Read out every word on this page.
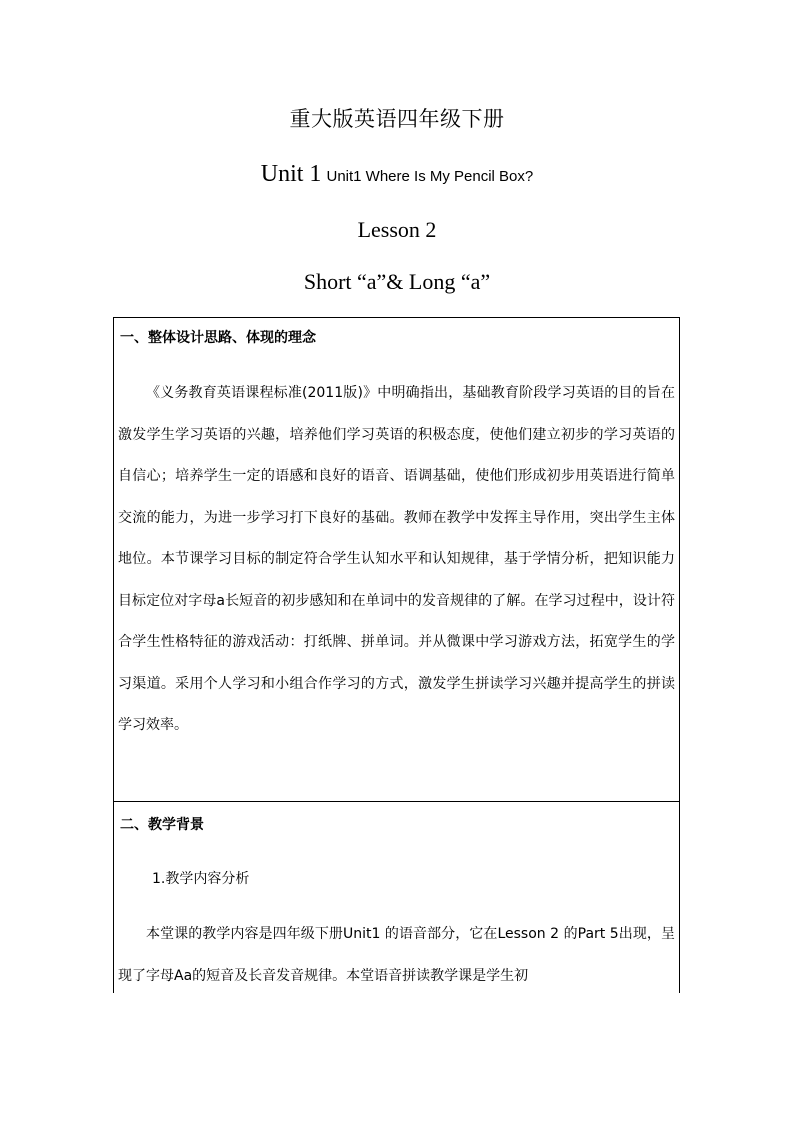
重大版英语四年级下册
Unit 1 Unit1 Where Is My Pencil Box?
Lesson 2
Short “a”& Long “a”
一、整体设计思路、体现的理念
《义务教育英语课程标准(2011版)》中明确指出，基础教育阶段学习英语的目的旨在激发学生学习英语的兴趣，培养他们学习英语的积极态度，使他们建立初步的学习英语的自信心；培养学生一定的语感和良好的语音、语调基础，使他们形成初步用英语进行简单交流的能力，为进一步学习打下良好的基础。教师在教学中发挥主导作用，突出学生主体地位。本节课学习目标的制定符合学生认知水平和认知规律，基于学情分析，把知识能力目标定位对字母a长短音的初步感知和在单词中的发音规律的了解。在学习过程中，设计符合学生性格特征的游戏活动：打纸牌、拼单词。并从微课中学习游戏方法，拓宽学生的学习渠道。采用个人学习和小组合作学习的方式，激发学生拼读学习兴趣并提高学生的拼读学习效率。
二、教学背景
1.教学内容分析
本堂课的教学内容是四年级下册Unit1 的语音部分，它在Lesson 2 的Part 5出现，呈现了字母Aa的短音及长音发音规律。本堂语音拼读教学课是学生初
